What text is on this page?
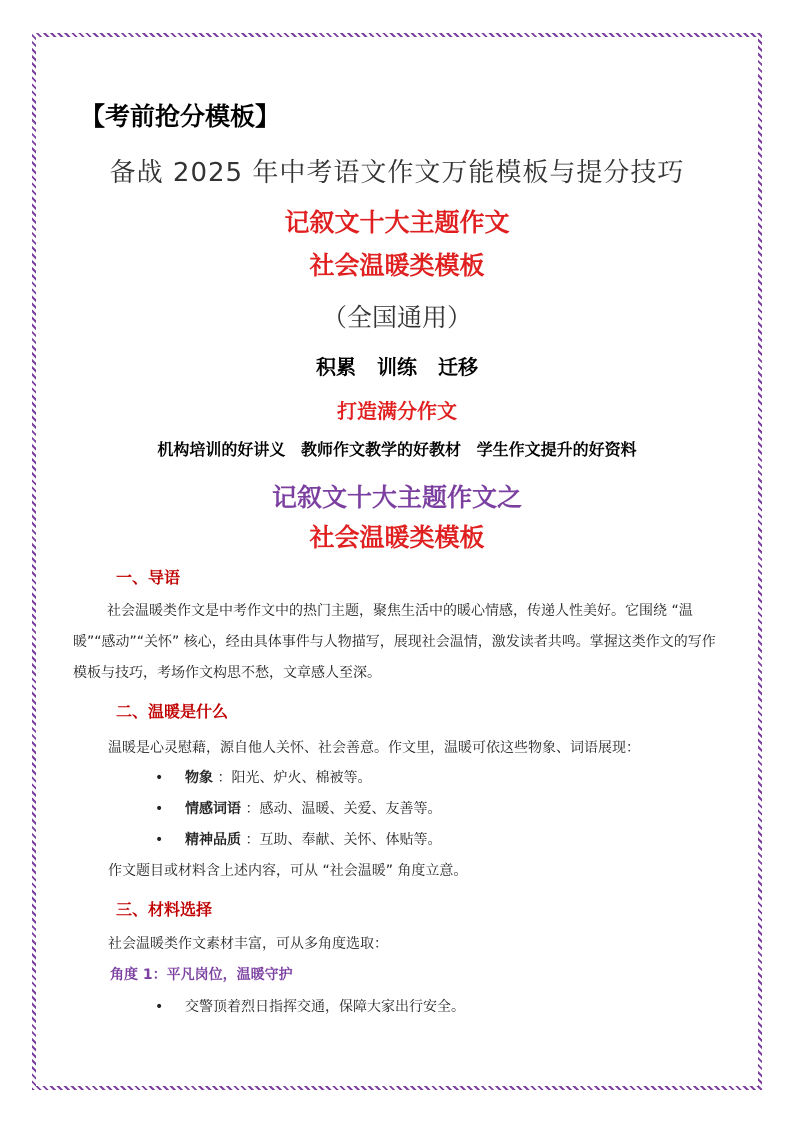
【考前抢分模板】
备战 2025 年中考语文作文万能模板与提分技巧
记叙文十大主题作文
社会温暖类模板
（全国通用）
积累 训练 迁移
打造满分作文
机构培训的好讲义 教师作文教学的好教材 学生作文提升的好资料
记叙文十大主题作文之
社会温暖类模板
一、导语
社会温暖类作文是中考作文中的热门主题，聚焦生活中的暖心情感，传递人性美好。它围绕 “温暖”“感动”“关怀” 核心，经由具体事件与人物描写，展现社会温情，激发读者共鸣。掌握这类作文的写作模板与技巧，考场作文构思不愁，文章感人至深。
二、温暖是什么
温暖是心灵慰藉，源自他人关怀、社会善意。作文里，温暖可依这些物象、词语展现：
• 物象 ：阳光、炉火、棉被等。
• 情感词语 ：感动、温暖、关爱、友善等。
• 精神品质 ：互助、奉献、关怀、体贴等。
作文题目或材料含上述内容，可从 “社会温暖” 角度立意。
三、材料选择
社会温暖类作文素材丰富，可从多角度选取：
角度 1：平凡岗位，温暖守护
• 交警顶着烈日指挥交通，保障大家出行安全。
